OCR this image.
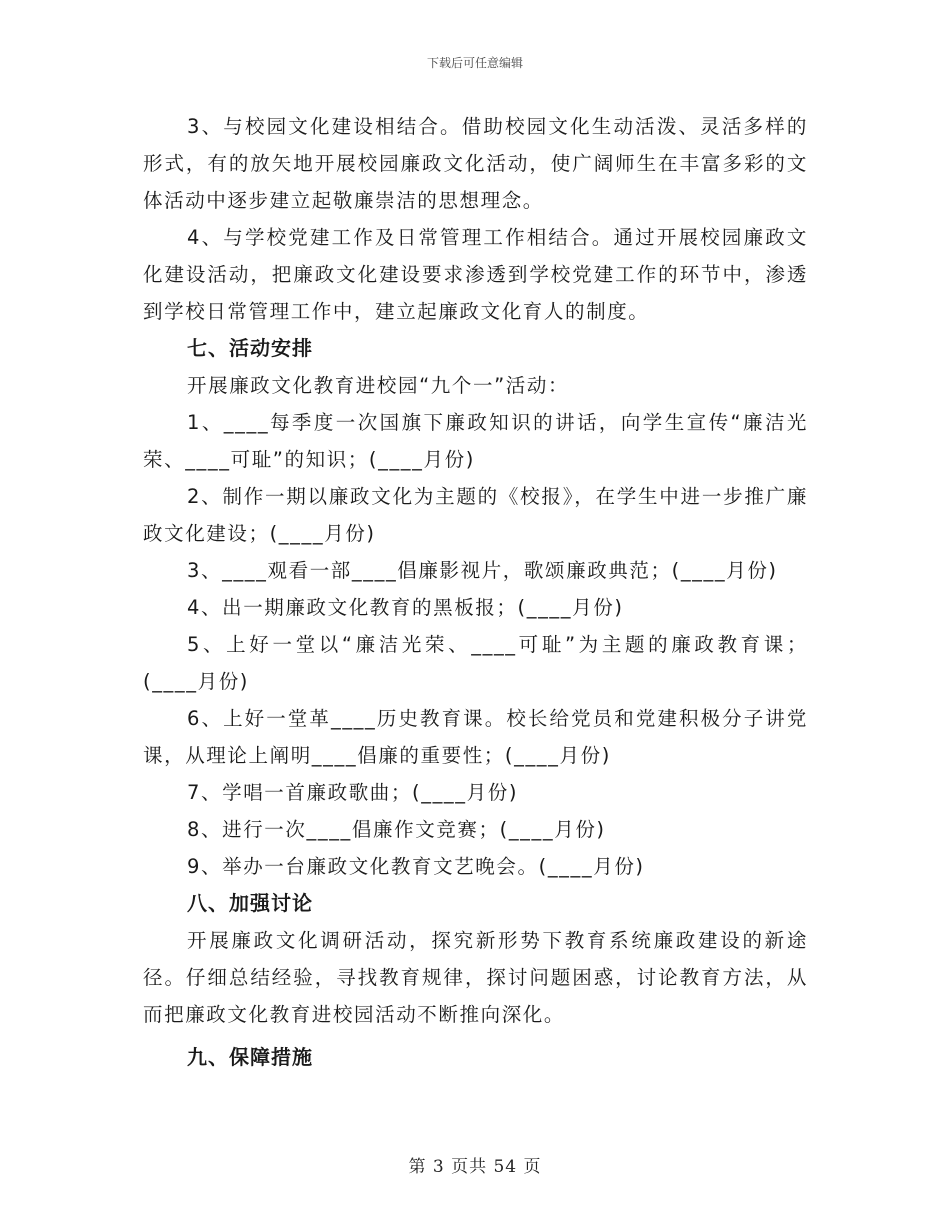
下载后可任意编辑

3、与校园文化建设相结合。借助校园文化生动活泼、灵活多样的形式，有的放矢地开展校园廉政文化活动，使广阔师生在丰富多彩的文体活动中逐步建立起敬廉崇洁的思想理念。

4、与学校党建工作及日常管理工作相结合。通过开展校园廉政文化建设活动，把廉政文化建设要求渗透到学校党建工作的环节中，渗透到学校日常管理工作中，建立起廉政文化育人的制度。

七、活动安排

开展廉政文化教育进校园“九个一”活动：

1、____每季度一次国旗下廉政知识的讲话，向学生宣传“廉洁光荣、____可耻”的知识；(____月份)

2、制作一期以廉政文化为主题的《校报》，在学生中进一步推广廉政文化建设；(____月份)

3、____观看一部____倡廉影视片，歌颂廉政典范；(____月份)

4、出一期廉政文化教育的黑板报；(____月份)

5、上好一堂以“廉洁光荣、____可耻”为主题的廉政教育课；(____月份)

6、上好一堂革____历史教育课。校长给党员和党建积极分子讲党课，从理论上阐明____倡廉的重要性；(____月份)

7、学唱一首廉政歌曲；(____月份)

8、进行一次____倡廉作文竞赛；(____月份)

9、举办一台廉政文化教育文艺晚会。(____月份)

八、加强讨论

开展廉政文化调研活动，探究新形势下教育系统廉政建设的新途径。仔细总结经验，寻找教育规律，探讨问题困惑，讨论教育方法，从而把廉政文化教育进校园活动不断推向深化。

九、保障措施

第 3 页共 54 页
